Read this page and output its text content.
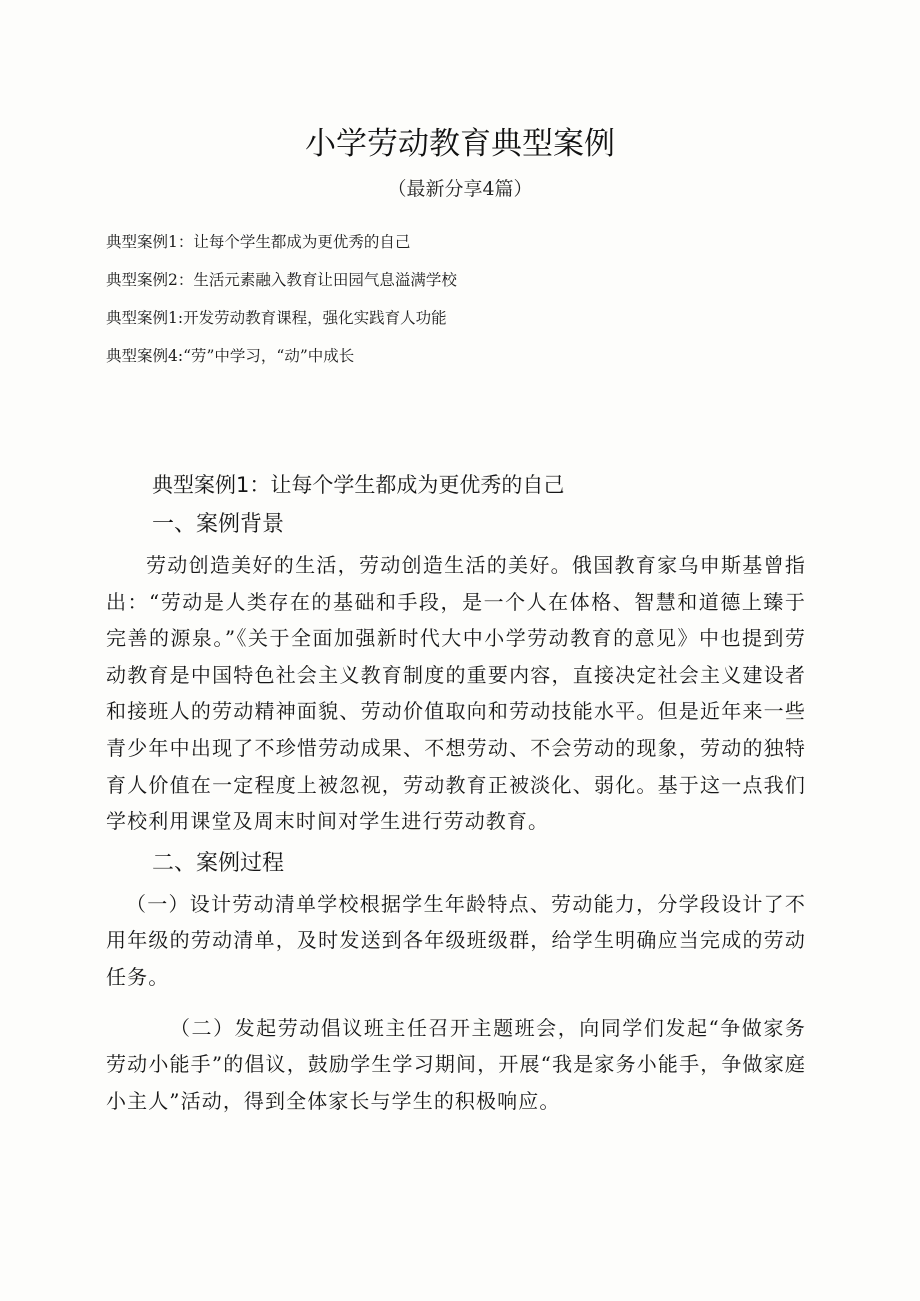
小学劳动教育典型案例
（最新分享4篇）
典型案例1：让每个学生都成为更优秀的自己
典型案例2：生活元素融入教育让田园气息溢满学校
典型案例1:开发劳动教育课程，强化实践育人功能
典型案例4:“劳”中学习，“动”中成长
典型案例1：让每个学生都成为更优秀的自己
一、案例背景

劳动创造美好的生活，劳动创造生活的美好。俄国教育家乌申斯基曾指出：“劳动是人类存在的基础和手段，是一个人在体格、智慧和道德上臻于完善的源泉。”《关于全面加强新时代大中小学劳动教育的意见》中也提到劳动教育是中国特色社会主义教育制度的重要内容，直接决定社会主义建设者和接班人的劳动精神面貌、劳动价值取向和劳动技能水平。但是近年来一些青少年中出现了不珍惜劳动成果、不想劳动、不会劳动的现象，劳动的独特育人价值在一定程度上被忽视，劳动教育正被淡化、弱化。基于这一点我们学校利用课堂及周末时间对学生进行劳动教育。

二、案例过程

（一）设计劳动清单学校根据学生年龄特点、劳动能力，分学段设计了不用年级的劳动清单，及时发送到各年级班级群，给学生明确应当完成的劳动任务。

（二）发起劳动倡议班主任召开主题班会，向同学们发起“争做家务劳动小能手”的倡议，鼓励学生学习期间，开展“我是家务小能手，争做家庭小主人”活动，得到全体家长与学生的积极响应。
